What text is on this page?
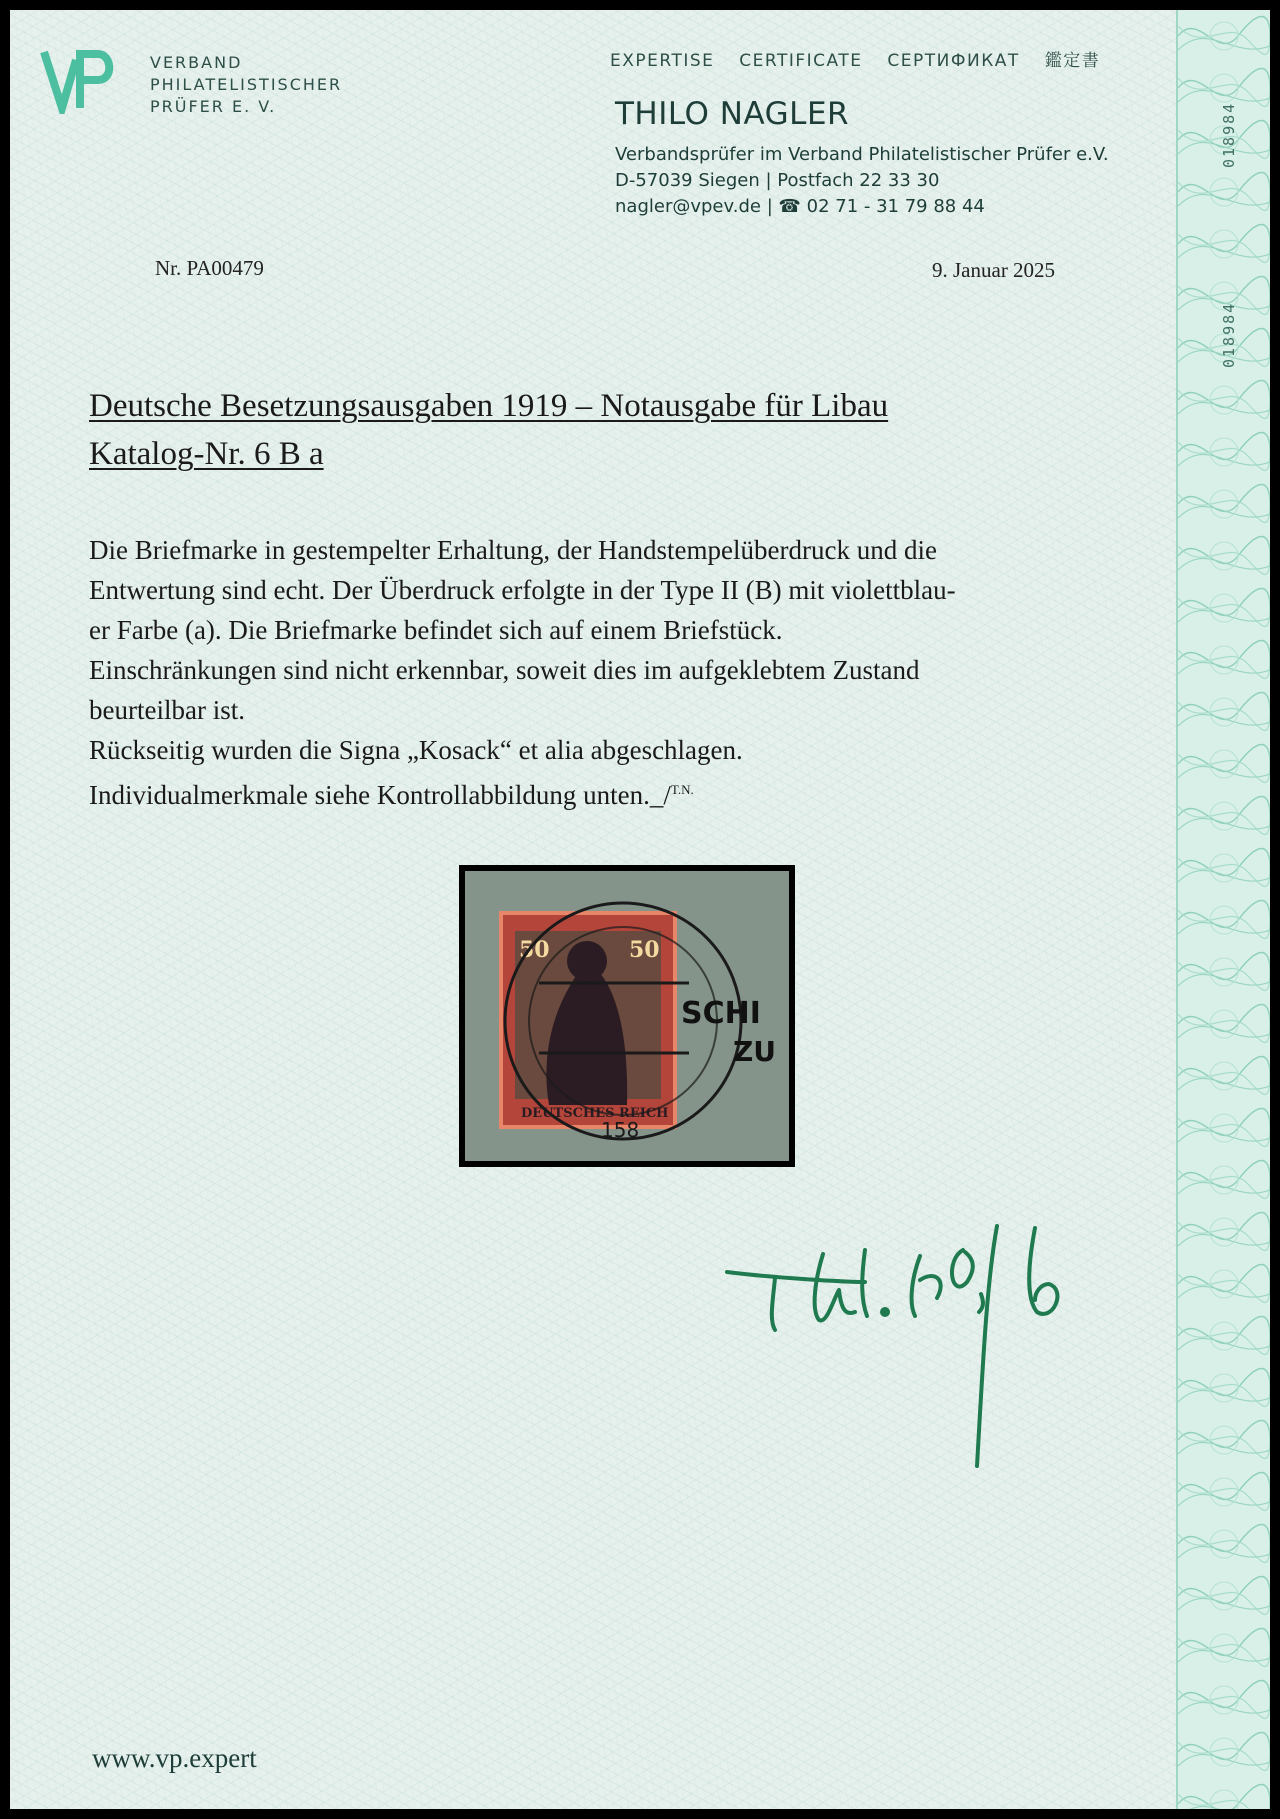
018984
018984
VERBAND
PHILATELISTISCHER
PRÜFER E. V.
EXPERTISE CERTIFICATE СЕРТИФИКАТ 鑑定書
THILO NAGLER
Verbandsprüfer im Verband Philatelistischer Prüfer e.V.
D-57039 Siegen | Postfach 22 33 30
nagler@vpev.de | ☎ 02 71 - 31 79 88 44
Nr. PA00479	9. Januar 2025
Deutsche Besetzungsausgaben 1919 – Notausgabe für Libau
Katalog-Nr. 6 B a

Die Briefmarke in gestempelter Erhaltung, der Handstempelüberdruck und die

Entwertung sind echt. Der Überdruck erfolgte in der Type II (B) mit violettblau-

er Farbe (a). Die Briefmarke befindet sich auf einem Briefstück.

Einschränkungen sind nicht erkennbar, soweit dies im aufgeklebtem Zustand

beurteilbar ist.

Rückseitig wurden die Signa „Kosack“ et alia abgeschlagen.

Individualmerkmale siehe Kontrollabbildung unten._/$^{T.N.}$

50	50
DEUTSCHES REICH
SCHI
ZU
158
www.vp.expert
